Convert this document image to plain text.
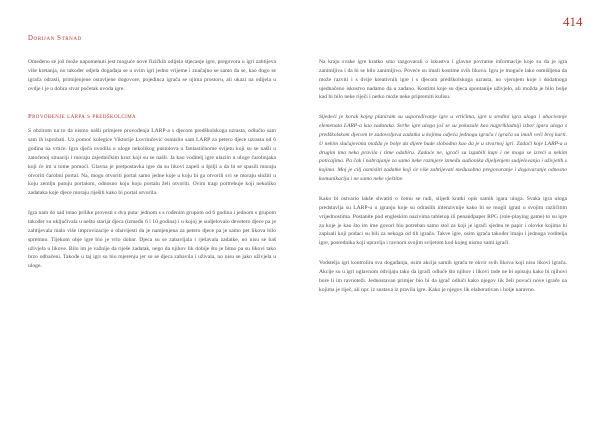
414
Dorijan Strnad

Omeđeno se još može napomenuti jest moguće nove fizičkih odijela stjecanje igre, pregovora u igri zahtijeva više kretanja, no također odjela događaja se u svim igri jedno vrijeme i značajno se samo da se, kao dugo se igrača odrasli, primijenjene ostavljene dogovore, pojedinca igrača se njima prostoru, ali ukazi na odijela u ovdje i je u dobra stvar početak uvoda igre.

Provođenje larpa s predškolcima

S obzirom na to da nismo našli primjere provođenja LARP-a s djecom predškolskoga uzrasta, odlučio sam sam ih isprobati. Uz pomoć kolegice Viktorije Lovrinčević osmislio sam LARP za petero djece uzrasta od 6 godina na vrtiće. Igra dječa uvodila u uloge nekolikog pustolova u fantastičnome svijetu koji su se našli u zatočenoj situaciji i moraju zajedničkim kroz koji su se našli. Ja kao voditelj igre ulazim u uloge čarobnjaka koji će im u tome pomoći. Glavna je pretpostavka igre da su likovi zapeli u špilji a da bi se spasili moraju otvoriti čarobni portal. Na, mogu otvoriti portal samo jedne koje u koju bi ga otvorili svi se moraju složiti u koju zemlju putuju portalom, odnosno koju koju portalu želi otvoriti. Ovim tragi portrebuje koji nekoliko zadataka koje djece moraju riješiti kako bi portal otvorila.

Igra nam do sad imao prilike provesti s dva puta: jednom s s rođenim grupom od 6 godina i jednom s grupom također su uključivala u nešto starija djeca (između 6 i 10 godina) i u kojoj je sudjelovalo devetero djece pa je zahtijevala malo više improvizacije u obavijesti da je namjenjena za petero djece pa je samo pet likova bilo spremno. Tijekom obje igre bio je vrlo dobar. Djeca su se zabavljala i rješavala zadatke, no nisu se baš uživjela u likove. Bilo im je važnije da riješe zadatak, nego da njihov lik dobije što je bitno pa su likovi tako brzo odbačeni. Takođe u taj igri su bio mjerenju jer su se djeca zabavila i uživala, no nisu se jako uživjela u uloge.

Na kraju svake igre kratko smo razgovarali o iskustvu i glavne povratne informacije koje su da je igra zanimljiva i da bi se bilo zanimljivo. Poveće su imali kostime svih likova. Igru je moguće lako osmišljena da može razviti i s dvije kreativnih igre i s djecom predškolskoga uzrasta, no vjerujem koje i dodatnoga ujednačeno iskustvo nadamo da u zadano. Kostimi koje su djeca spontanije uživjelo, ali možda je bilo bolje kad bi bilo neke riječi i netko može neke pripremiti kulisu.

Sljedeći je korak kojeg planiram su uspoređivanje igre u vrtićima, igre u sredini igra uloga i ubacivanje elemenata LARP-a kao zadataka. Svrhe igre uloga još se su pokazale kao najprikladniji izbor igara uloga s predškolskom djecom te zadovoljava zadatka u kojima odjeća jednoga igrača i igrača su imali veći broj karti. U nekim slučajevima možda je bolje da dijete bude slobodno kao da je u stvarnoj igri. Zadaći koje LARP-a u drugim ima neka pravila i time odabiru. Zadaće ne, igrači su izgubili kupi i ne mogu se izreći u nekim poticajima. Pa čak i nabrajanje za samo neke razmjere između sudionika dijeljenjem sudjelovanja i uživjetih s kojima. Moj je cilj osmisliti zadatke koji će više zahtijevati međusobno pregovaranje i dogovaranje odnosno komunikaciju i ne samo neke vještine.

Kako bi ostvario lakše shvatiti o čemu se radi, slijedi kratki opis samih igara uloga. Svaka igra uloga predstavlja su LARP-u u igranju koje su odraslih intenzivnije kako bi se mogli igrati u svojim različitim vrijednostima. Postanite pod engleskim nazivima tabletop ili penandpaper RPG (role-playing game) to su igre za koje je kao što im ime govori bio potreban samo stol za koji je igrači sjednu te papir i olovke kojima bi zapisali koji podaci su bili za nekoga od tih igrača. Takve igre, osim igrača također imaju i jednoga voditelja igre, posrednika koji upravlja i ravnom svojim svijetom kod kojeg nismo sami igrači.

Vodstelja igri kontrolira sva događanja, osim akcija samih igrača te okvir svih likova koji nisu likovi igrača. Akcije su u igri uglavnom odvijaju tako da igrači odluče što njihov i likovi rade ne bi opisuju kako bi njihovi bore li im ravnoteži. Jednostavan primjer bio bi da igrač odluči kako njegov lik želi povući nove igrače na kojima je riječ, ali npr. iz sustava iz pravila igre. Kako je njegov lik elaborativan i bolje naravno.
